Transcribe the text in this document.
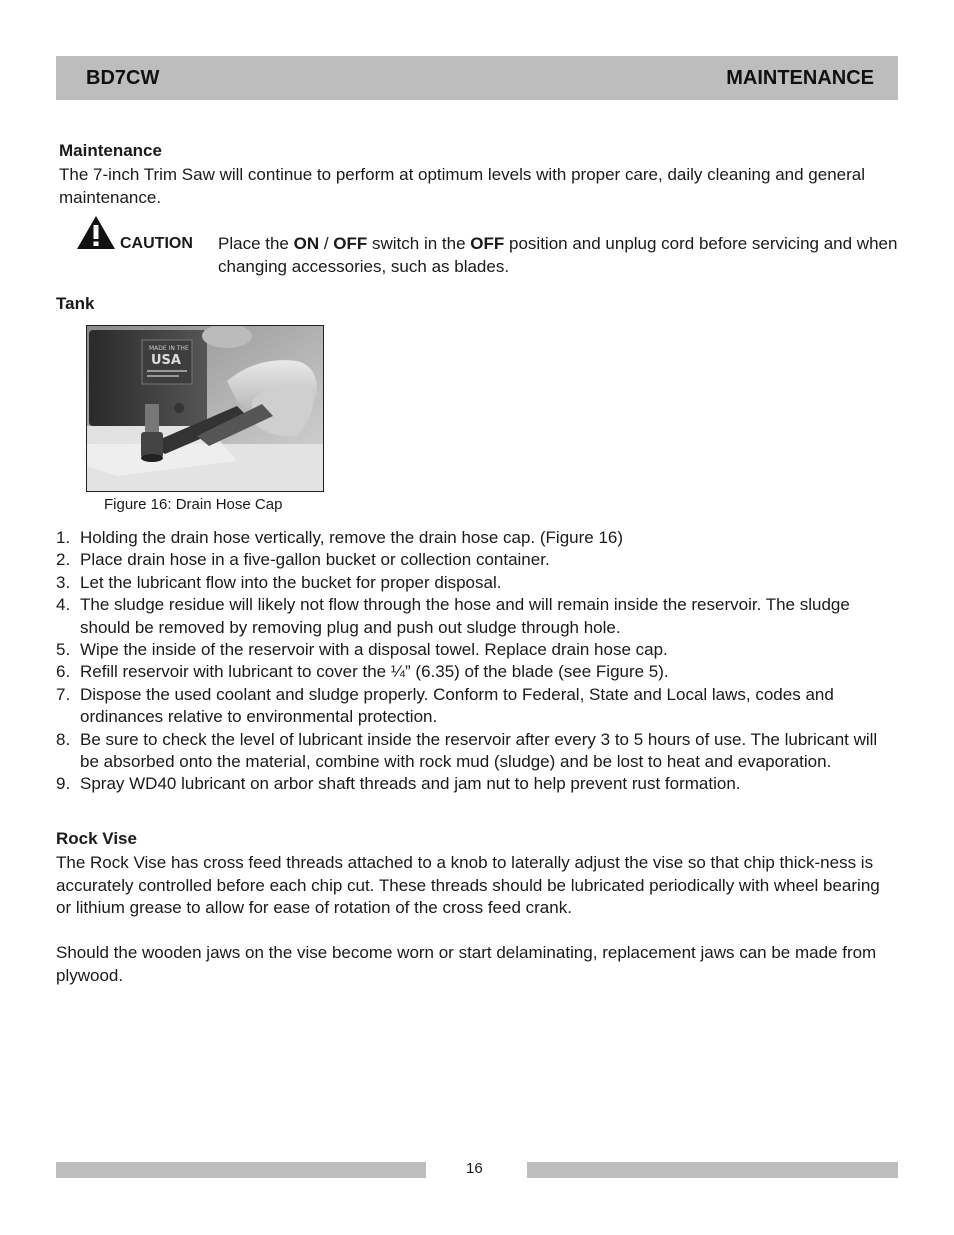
BD7CW	MAINTENANCE
Maintenance

The 7-inch Trim Saw will continue to perform at optimum levels with proper care, daily cleaning and general maintenance.

CAUTION Place the ON / OFF switch in the OFF position and unplug cord before servicing and when changing accessories, such as blades.

Tank
MADE IN THE
USA
Figure 16: Drain Hose Cap
1. Holding the drain hose vertically, remove the drain hose cap. (Figure 16)
2. Place drain hose in a five-gallon bucket or collection container.
3. Let the lubricant flow into the bucket for proper disposal.
4. The sludge residue will likely not flow through the hose and will remain inside the reservoir. The sludge should be removed by removing plug and push out sludge through hole.
5. Wipe the inside of the reservoir with a disposal towel. Replace drain hose cap.
6. Refill reservoir with lubricant to cover the ¼” (6.35) of the blade (see Figure 5).
7. Dispose the used coolant and sludge properly. Conform to Federal, State and Local laws, codes and ordinances relative to environmental protection.
8. Be sure to check the level of lubricant inside the reservoir after every 3 to 5 hours of use. The lubricant will be absorbed onto the material, combine with rock mud (sludge) and be lost to heat and evaporation.
9. Spray WD40 lubricant on arbor shaft threads and jam nut to help prevent rust formation.
Rock Vise

The Rock Vise has cross feed threads attached to a knob to laterally adjust the vise so that chip thick-ness is accurately controlled before each chip cut. These threads should be lubricated periodically with wheel bearing or lithium grease to allow for ease of rotation of the cross feed crank.

Should the wooden jaws on the vise become worn or start delaminating, replacement jaws can be made from plywood.

16
